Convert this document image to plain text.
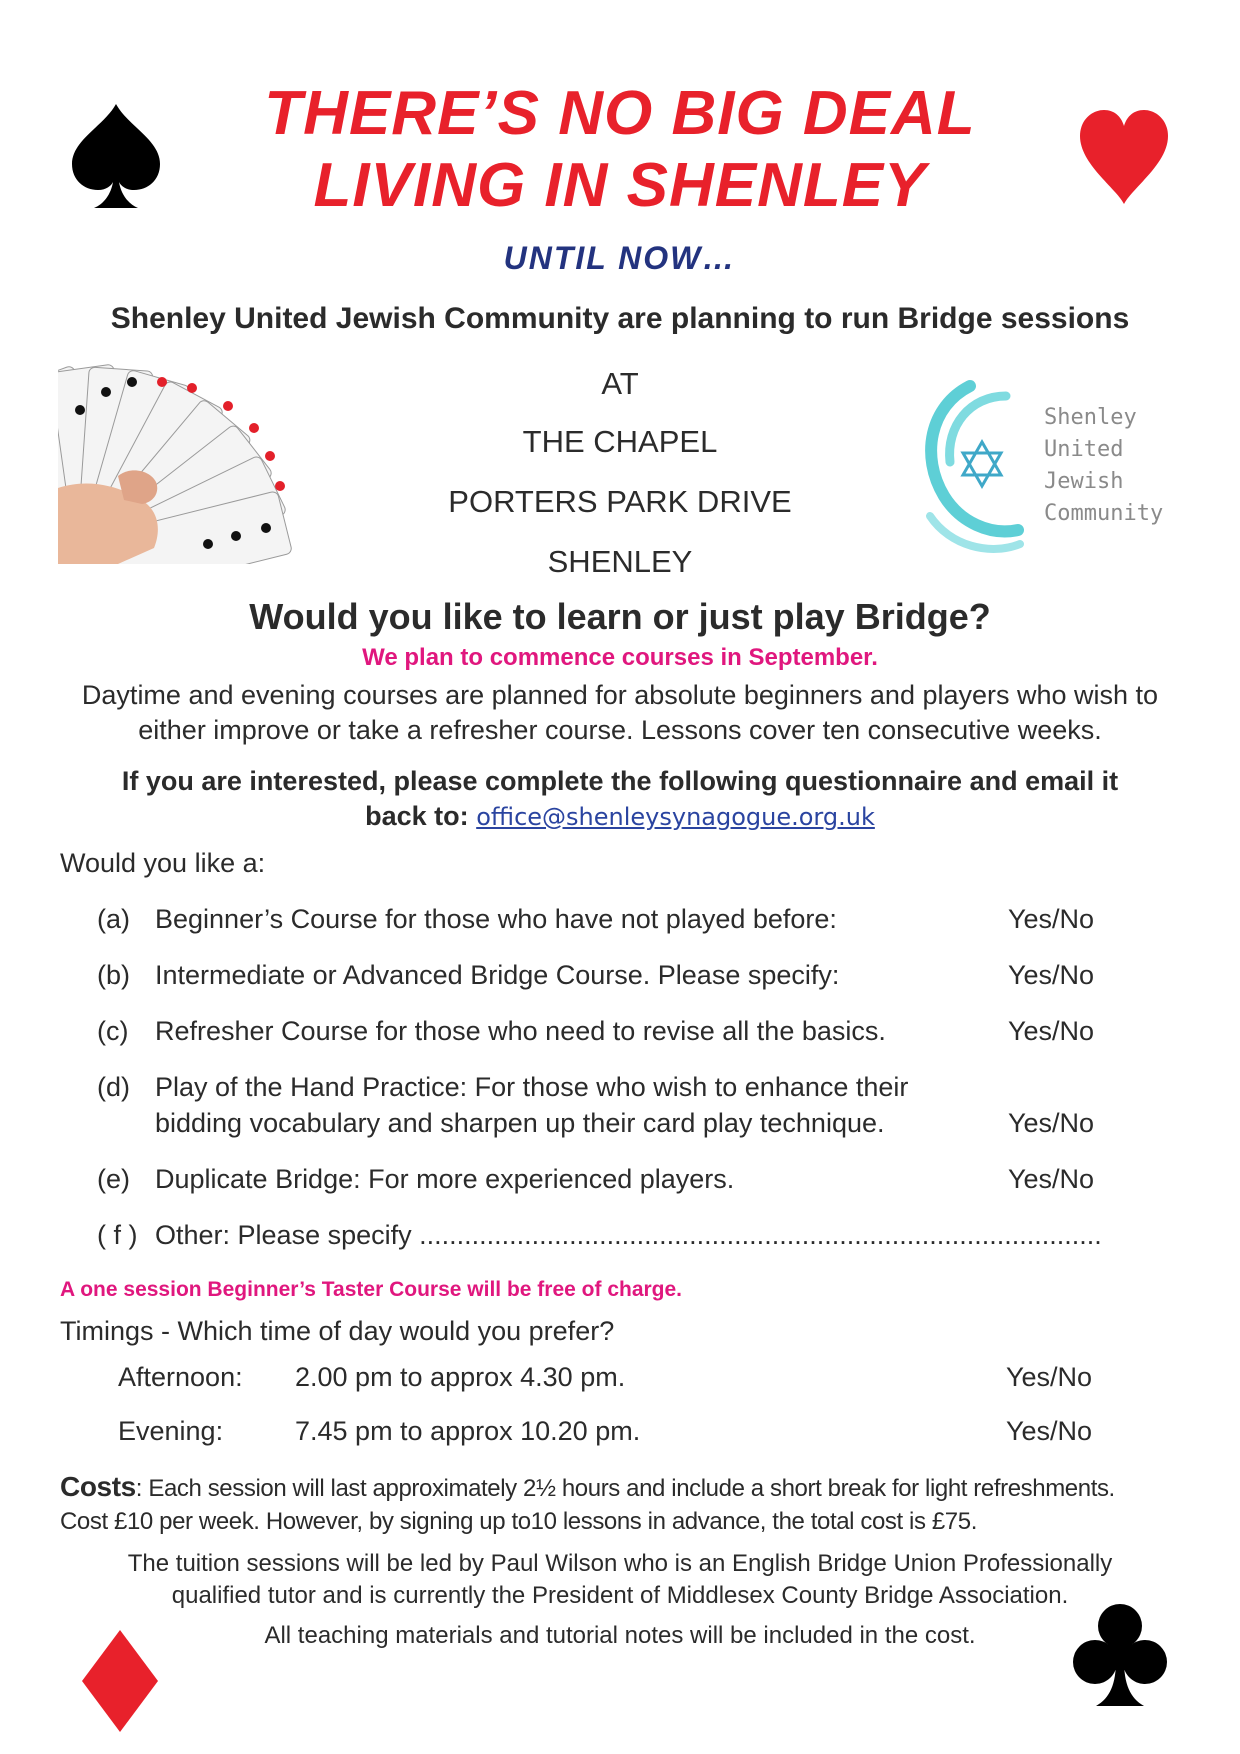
THERE’S NO BIG DEAL
LIVING IN SHENLEY
UNTIL NOW…
Shenley United Jewish Community are planning to run Bridge sessions
AT
THE CHAPEL
PORTERS PARK DRIVE
SHENLEY
Shenley
United
Jewish
Community
Would you like to learn or just play Bridge?
We plan to commence courses in September.
Daytime and evening courses are planned for absolute beginners and players who wish to
either improve or take a refresher course. Lessons cover ten consecutive weeks.
If you are interested, please complete the following questionnaire and email it
back to: office@shenleysynagogue.org.uk
Would you like a:
(a) Beginner’s Course for those who have not played before:	Yes/No
(b) Intermediate or Advanced Bridge Course. Please specify:	Yes/No
(c) Refresher Course for those who need to revise all the basics.	Yes/No
(d) Play of the Hand Practice: For those who wish to enhance their
bidding vocabulary and sharpen up their card play technique.	Yes/No
(e) Duplicate Bridge: For more experienced players.	Yes/No
( f ) Other: Please specify ...........................................................................................
A one session Beginner’s Taster Course will be free of charge.
Timings - Which time of day would you prefer?
Afternoon: 2.00 pm to approx 4.30 pm.	Yes/No
Evening:	7.45 pm to approx 10.20 pm.	Yes/No
Costs: Each session will last approximately 2½ hours and include a short break for light refreshments.
Cost £10 per week. However, by signing up to10 lessons in advance, the total cost is £75.
The tuition sessions will be led by Paul Wilson who is an English Bridge Union Professionally
qualified tutor and is currently the President of Middlesex County Bridge Association.
All teaching materials and tutorial notes will be included in the cost.
